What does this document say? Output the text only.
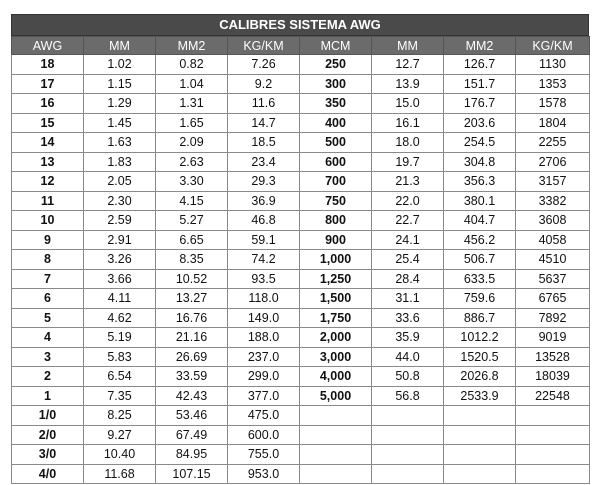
CALIBRES SISTEMA AWG
AWG	MM	MM2	KG/KM	MCM	MM	MM2	KG/KM
18	1.02	0.82	7.26	250	12.7	126.7	1130
17	1.15	1.04	9.2	300	13.9	151.7	1353
16	1.29	1.31	11.6	350	15.0	176.7	1578
15	1.45	1.65	14.7	400	16.1	203.6	1804
14	1.63	2.09	18.5	500	18.0	254.5	2255
13	1.83	2.63	23.4	600	19.7	304.8	2706
12	2.05	3.30	29.3	700	21.3	356.3	3157
11	2.30	4.15	36.9	750	22.0	380.1	3382
10	2.59	5.27	46.8	800	22.7	404.7	3608
9	2.91	6.65	59.1	900	24.1	456.2	4058
8	3.26	8.35	74.2	1,000	25.4	506.7	4510
7	3.66	10.52	93.5	1,250	28.4	633.5	5637
6	4.11	13.27	118.0	1,500	31.1	759.6	6765
5	4.62	16.76	149.0	1,750	33.6	886.7	7892
4	5.19	21.16	188.0	2,000	35.9	1012.2	9019
3	5.83	26.69	237.0	3,000	44.0	1520.5	13528
2	6.54	33.59	299.0	4,000	50.8	2026.8	18039
1	7.35	42.43	377.0	5,000	56.8	2533.9	22548
1/0	8.25	53.46	475.0				
2/0	9.27	67.49	600.0				
3/0	10.40	84.95	755.0				
4/0	11.68	107.15	953.0				
